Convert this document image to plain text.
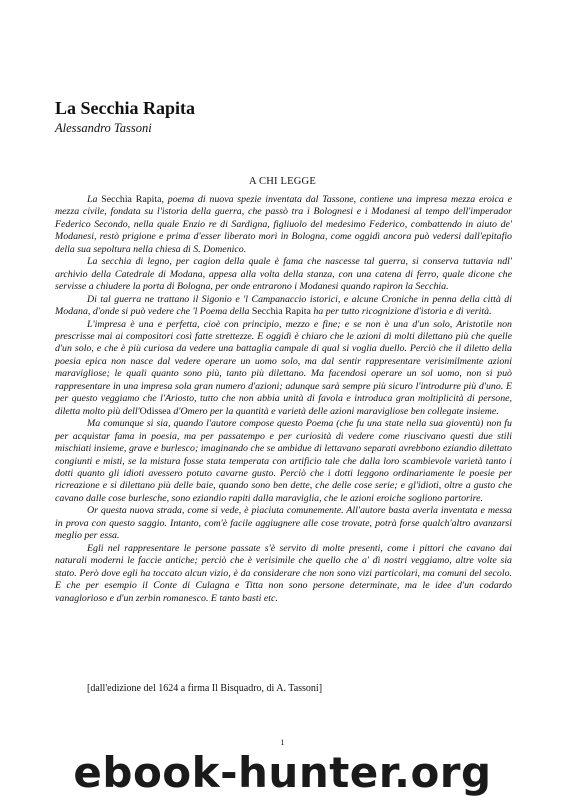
La Secchia Rapita
Alessandro Tassoni
A CHI LEGGE

La Secchia Rapita, poema di nuova spezie inventata dal Tassone, contiene una impresa mezza eroica e mezza civile, fondata su l'istoria della guerra, che passò tra i Bolognesi e i Modanesi al tempo dell'imperador Federico Secondo, nella quale Enzio re di Sardigna, figliuolo del medesimo Federico, combattendo in aiuto de' Modanesi, restò prigione e prima d'esser liberato morì in Bologna, come oggidì ancora può vedersi dall'epitafio della sua sepoltura nella chiesa di S. Domenico.

La secchia di legno, per cagion della quale è fama che nascesse tal guerra, si conserva tuttavia ndl' archivio della Catedrale di Modana, appesa alla volta della stanza, con una catena di ferro, quale dicone che servisse a chiudere la porta di Bologna, per onde entrarono i Modanesi quando rapiron la Secchia.

Di tal guerra ne trattano il Sigonio e 'l Campanaccio istorici, e alcune Croniche in penna della città di Modana, d'onde si può vedere che 'l Poema della Secchia Rapita ha per tutto ricognizione d'istoria e di verità.

L'impresa è una e perfetta, cioè con principio, mezzo e fine; e se non è una d'un solo, Aristotile non prescrisse mai ai compositori così fatte strettezze. E oggidì è chiaro che le azioni di molti dilettano più che quelle d'un solo, e che è più curiosa da vedere una battaglia campale di qual si voglia duello. Perciò che il diletto della poesia epica non nasce dal vedere operare un uomo solo, ma dal sentir rappresentare verisimilmente azioni maravigliose; le quali quanto sono più, tanto più dilettano. Ma facendosi operare un sol uomo, non si può rappresentare in una impresa sola gran numero d'azioni; adunque sarà sempre più sicuro l'introdurre più d'uno. E per questo veggiamo che l'Ariosto, tutto che non abbia unità di favola e introduca gran moltiplicità di persone, diletta molto più dell'Odissea d'Omero per la quantità e varietà delle azioni maravigliose ben collegate insieme.

Ma comunque si sia, quando l'autore compose questo Poema (che fu una state nella sua gioventù) non fu per acquistar fama in poesia, ma per passatempo e per curiosità di vedere come riuscivano questi due stili mischiati insieme, grave e burlesco; imaginando che se ambidue di lettavano separati avrebbono eziandio dilettato congiunti e misti, se la mistura fosse stata temperata con artificio tale che dalla loro scambievole varietà tanto i dotti quanto gli idioti avessero potuto cavarne gusto. Perciò che i dotti leggono ordinariamente le poesie per ricreazione e si dilettano più delle baie, quando sono ben dette, che delle cose serie; e gl'idioti, oltre a gusto che cavano dalle cose burlesche, sono eziandio rapiti dalla maraviglia, che le azioni eroiche sogliono partorire.

Or questa nuova strada, come si vede, è piaciuta comunemente. All'autore basta averla inventata e messa in prova con questo saggio. Intanto, com'è facile aggiugnere alle cose trovate, potrà forse qualch'altro avanzarsi meglio per essa.

Egli nel rappresentare le persone passate s'è servito di molte presenti, come i pittori che cavano dai naturali moderni le faccie antiche; perciò che è verisimile che quello che a' dì nostri veggiamo, altre volte sia stato. Però dove egli ha toccato alcun vizio, è da considerare che non sono vizi particolari, ma comuni del secolo. E che per esempio il Conte di Culagna e Titta non sono persone determinate, ma le idee d'un codardo vanaglorioso e d'un zerbin romanesco. E tanto basti etc.

[dall'edizione del 1624 a firma Il Bisquadro, di A. Tassoni]
1
ebook-hunter.org
